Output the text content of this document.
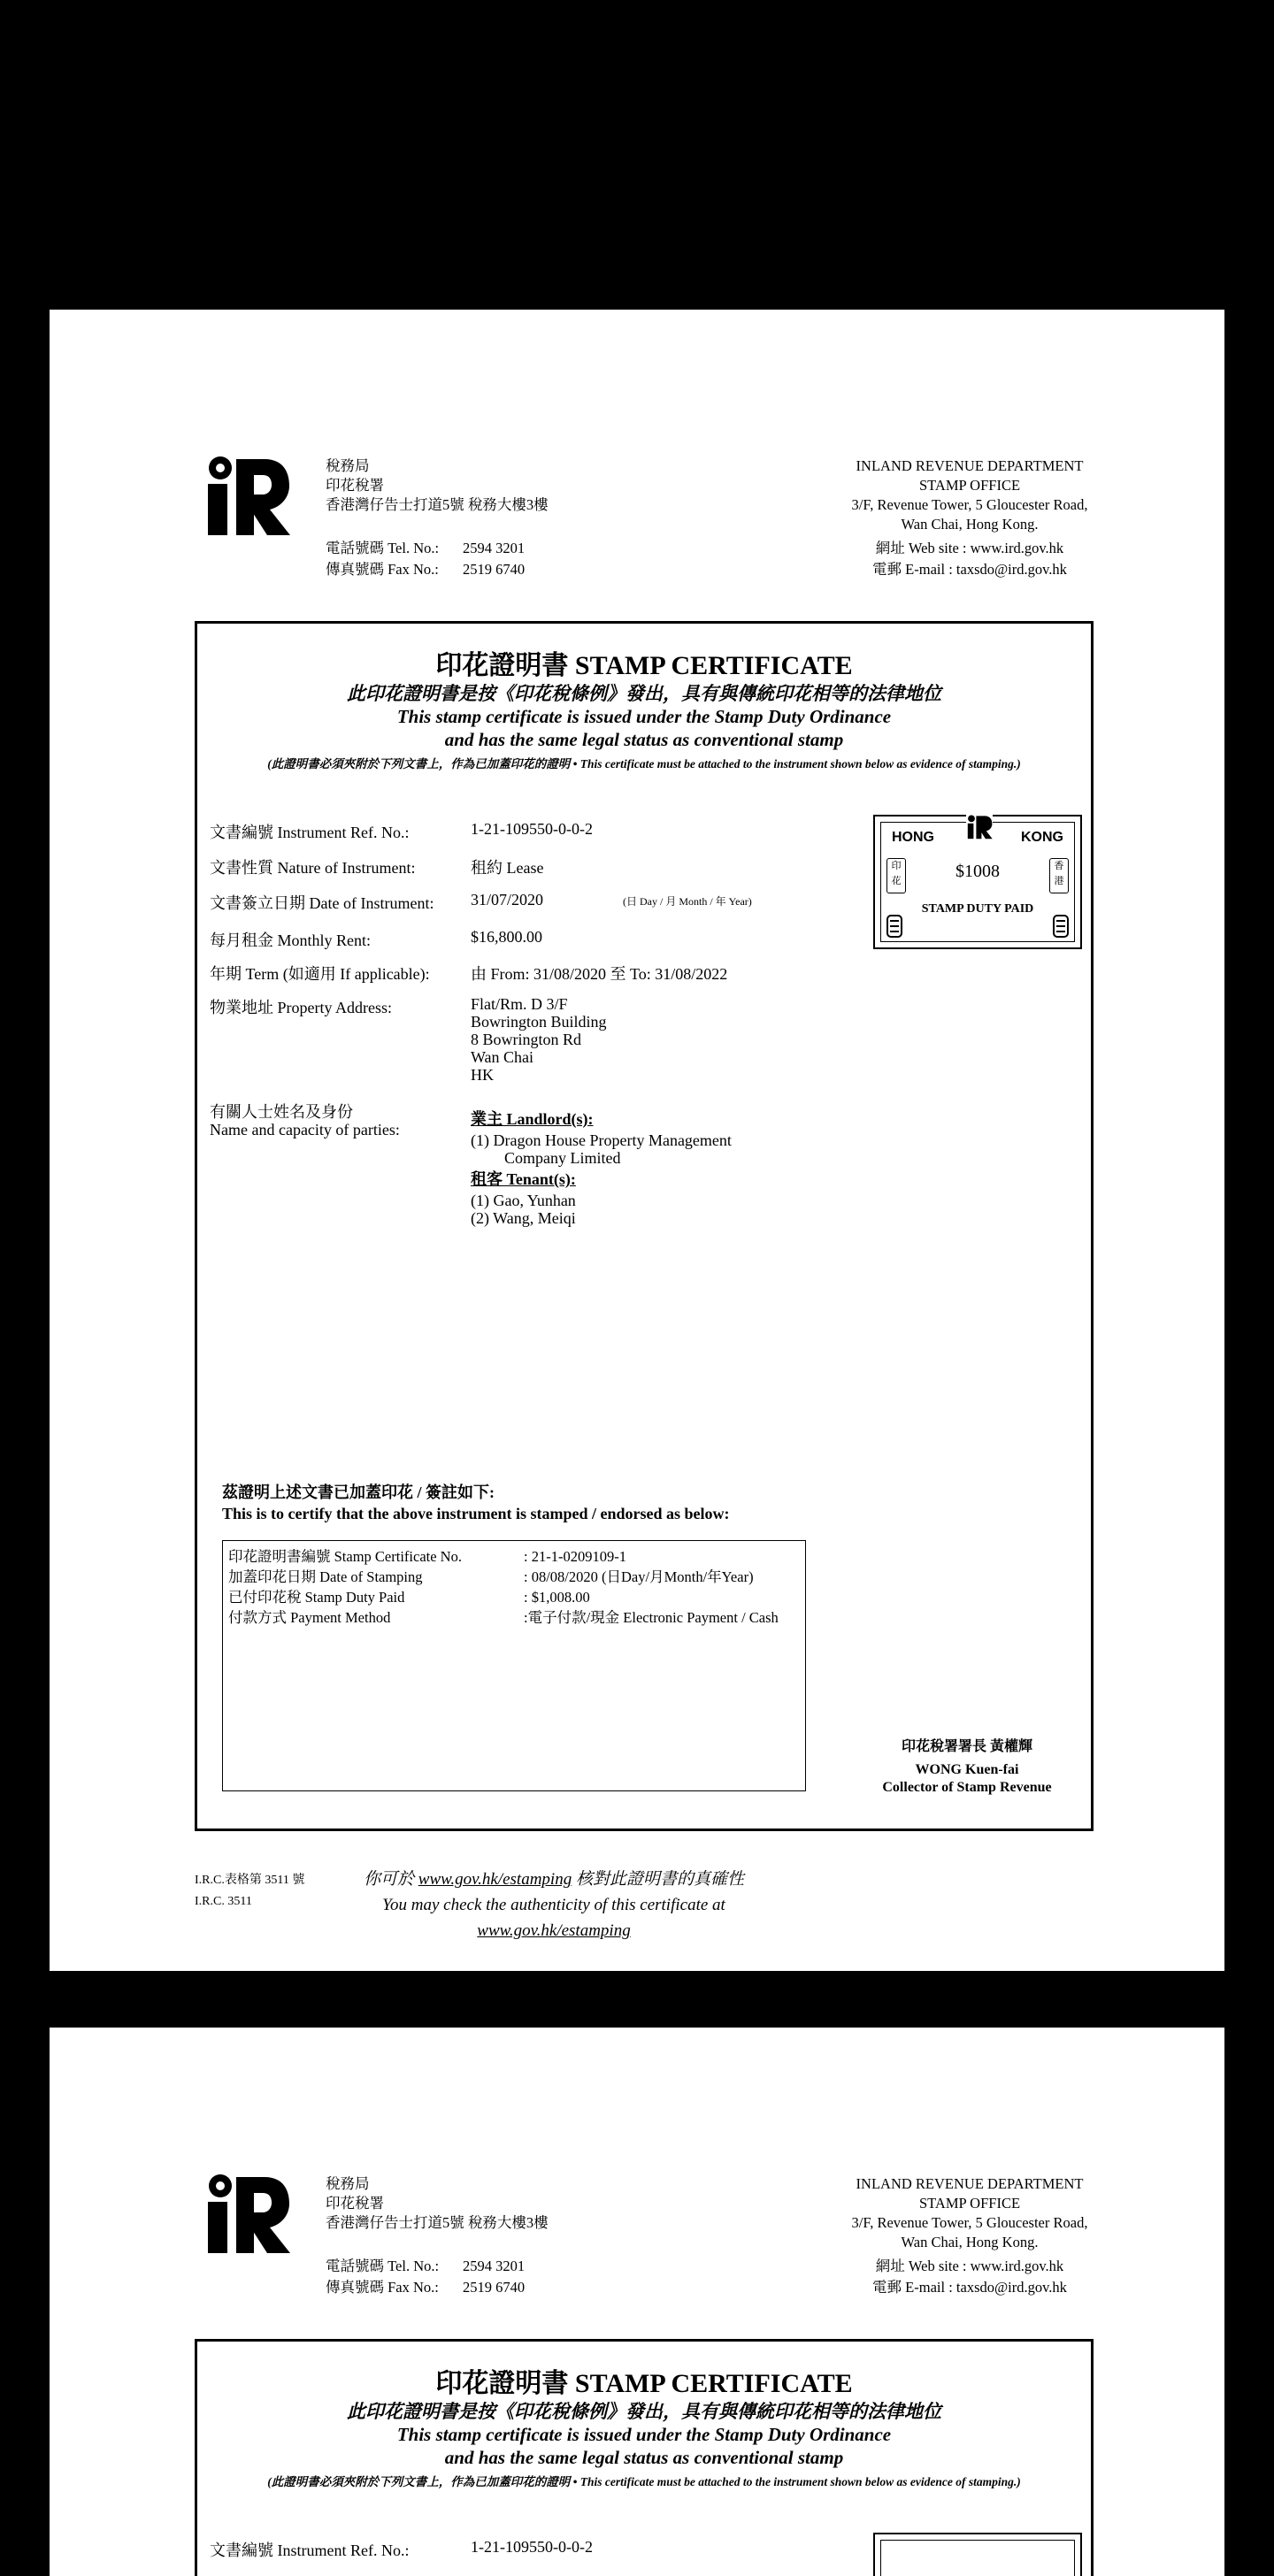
稅務局
印花稅署
香港灣仔告士打道5號 稅務大樓3樓
INLAND REVENUE DEPARTMENT
STAMP OFFICE
3/F, Revenue Tower, 5 Gloucester Road,
Wan Chai, Hong Kong.
電話號碼 Tel. No.: 2594 3201
傳真號碼 Fax No.: 2519 6740
網址 Web site : www.ird.gov.hk
電郵 E-mail : taxsdo@ird.gov.hk
印花證明書 STAMP CERTIFICATE
此印花證明書是按《印花稅條例》發出，具有與傳統印花相等的法律地位
This stamp certificate is issued under the Stamp Duty Ordinance
and has the same legal status as conventional stamp
(此證明書必須夾附於下列文書上，作為已加蓋印花的證明 • This certificate must be attached to the instrument shown below as evidence of stamping.)
文書編號 Instrument Ref. No.:	1-21-109550-0-0-2
文書性質 Nature of Instrument:	租約 Lease
文書簽立日期 Date of Instrument:	31/07/2020	(日 Day / 月 Month / 年 Year)
每月租金 Monthly Rent:	$16,800.00
年期 Term (如適用 If applicable):	由 From: 31/08/2020 至 To: 31/08/2022
物業地址 Property Address:	Flat/Rm. D 3/F
Bowrington Building
8 Bowrington Rd
Wan Chai
HK
有關人士姓名及身份
Name and capacity of parties:
業主 Landlord(s):
(1) Dragon House Property Management
Company Limited
租客 Tenant(s):
(1) Gao, Yunhan
(2) Wang, Meiqi
HONG	KONG
印花	$1008	香港
STAMP DUTY PAID
茲證明上述文書已加蓋印花 / 簽註如下:
This is to certify that the above instrument is stamped / endorsed as below:
印花證明書編號 Stamp Certificate No.	: 21-1-0209109-1
加蓋印花日期 Date of Stamping	: 08/08/2020 (日Day/月Month/年Year)
已付印花稅 Stamp Duty Paid	: $1,008.00
付款方式 Payment Method	:電子付款/現金 Electronic Payment / Cash
印花稅署署長 黃權輝
WONG Kuen-fai
Collector of Stamp Revenue
I.R.C.表格第 3511 號
I.R.C. 3511
你可於 www.gov.hk/estamping 核對此證明書的真確性
You may check the authenticity of this certificate at www.gov.hk/estamping
稅務局
印花稅署
香港灣仔告士打道5號 稅務大樓3樓
INLAND REVENUE DEPARTMENT
STAMP OFFICE
3/F, Revenue Tower, 5 Gloucester Road,
Wan Chai, Hong Kong.
電話號碼 Tel. No.: 2594 3201
傳真號碼 Fax No.: 2519 6740
網址 Web site : www.ird.gov.hk
電郵 E-mail : taxsdo@ird.gov.hk
印花證明書 STAMP CERTIFICATE
此印花證明書是按《印花稅條例》發出，具有與傳統印花相等的法律地位
This stamp certificate is issued under the Stamp Duty Ordinance
and has the same legal status as conventional stamp
(此證明書必須夾附於下列文書上，作為已加蓋印花的證明 • This certificate must be attached to the instrument shown below as evidence of stamping.)
文書編號 Instrument Ref. No.:	1-21-109550-0-0-2
